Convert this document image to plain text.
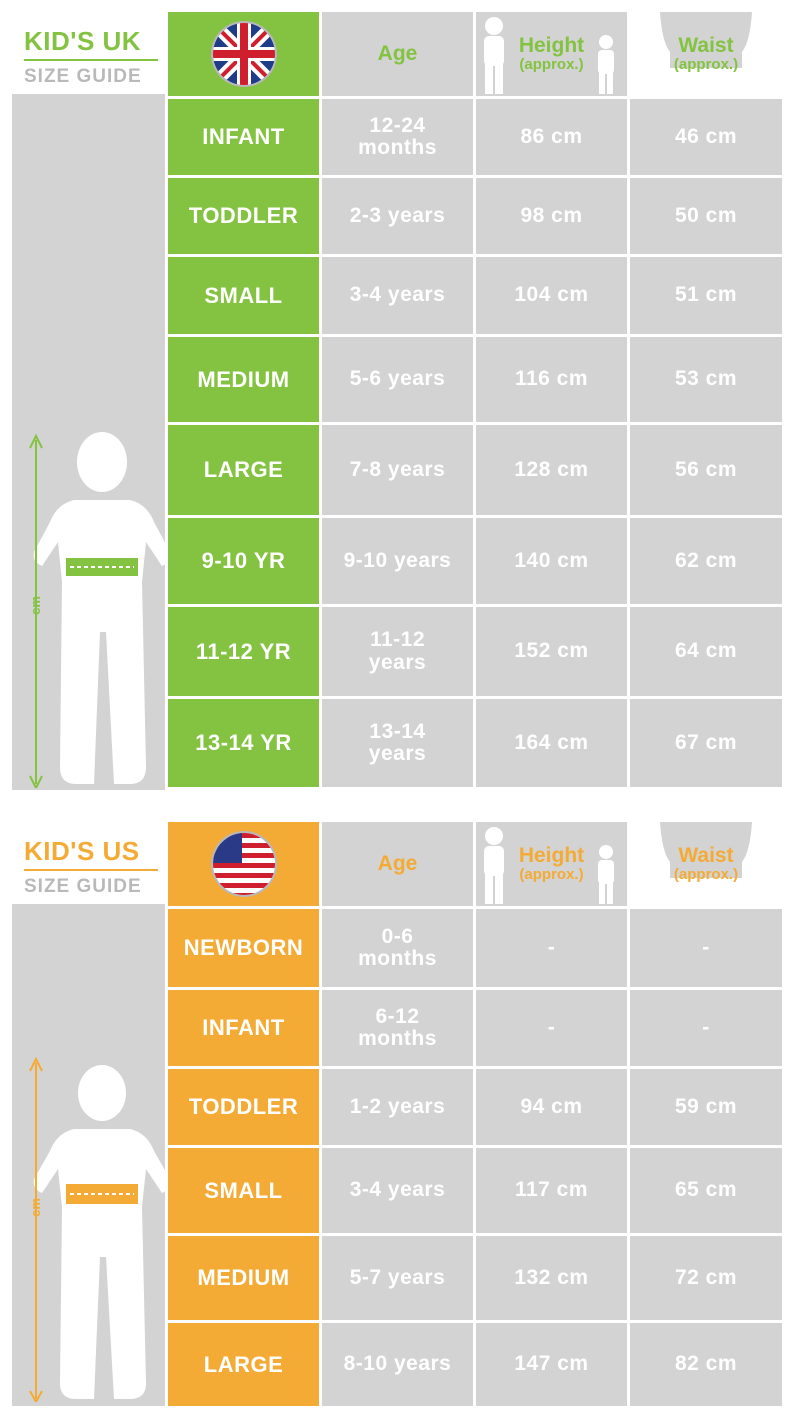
KID'S UK
SIZE GUIDE
cm
Age	Height
(approx.)
Waist
(approx.)
INFANT	12-24 months	86 cm	46 cm
TODDLER	2-3 years	98 cm	50 cm
SMALL	3-4 years	104 cm	51 cm
MEDIUM	5-6 years	116 cm	53 cm
LARGE	7-8 years	128 cm	56 cm
9-10 YR	9-10 years	140 cm	62 cm
11-12 YR	11-12 years	152 cm	64 cm
13-14 YR	13-14 years	164 cm	67 cm
KID'S US
SIZE GUIDE
cm
Age	Height
(approx.)
Waist
(approx.)
NEWBORN	0-6 months	-	-
INFANT	6-12 months	-	-
TODDLER	1-2 years	94 cm	59 cm
SMALL	3-4 years	117 cm	65 cm
MEDIUM	5-7 years	132 cm	72 cm
LARGE	8-10 years	147 cm	82 cm
